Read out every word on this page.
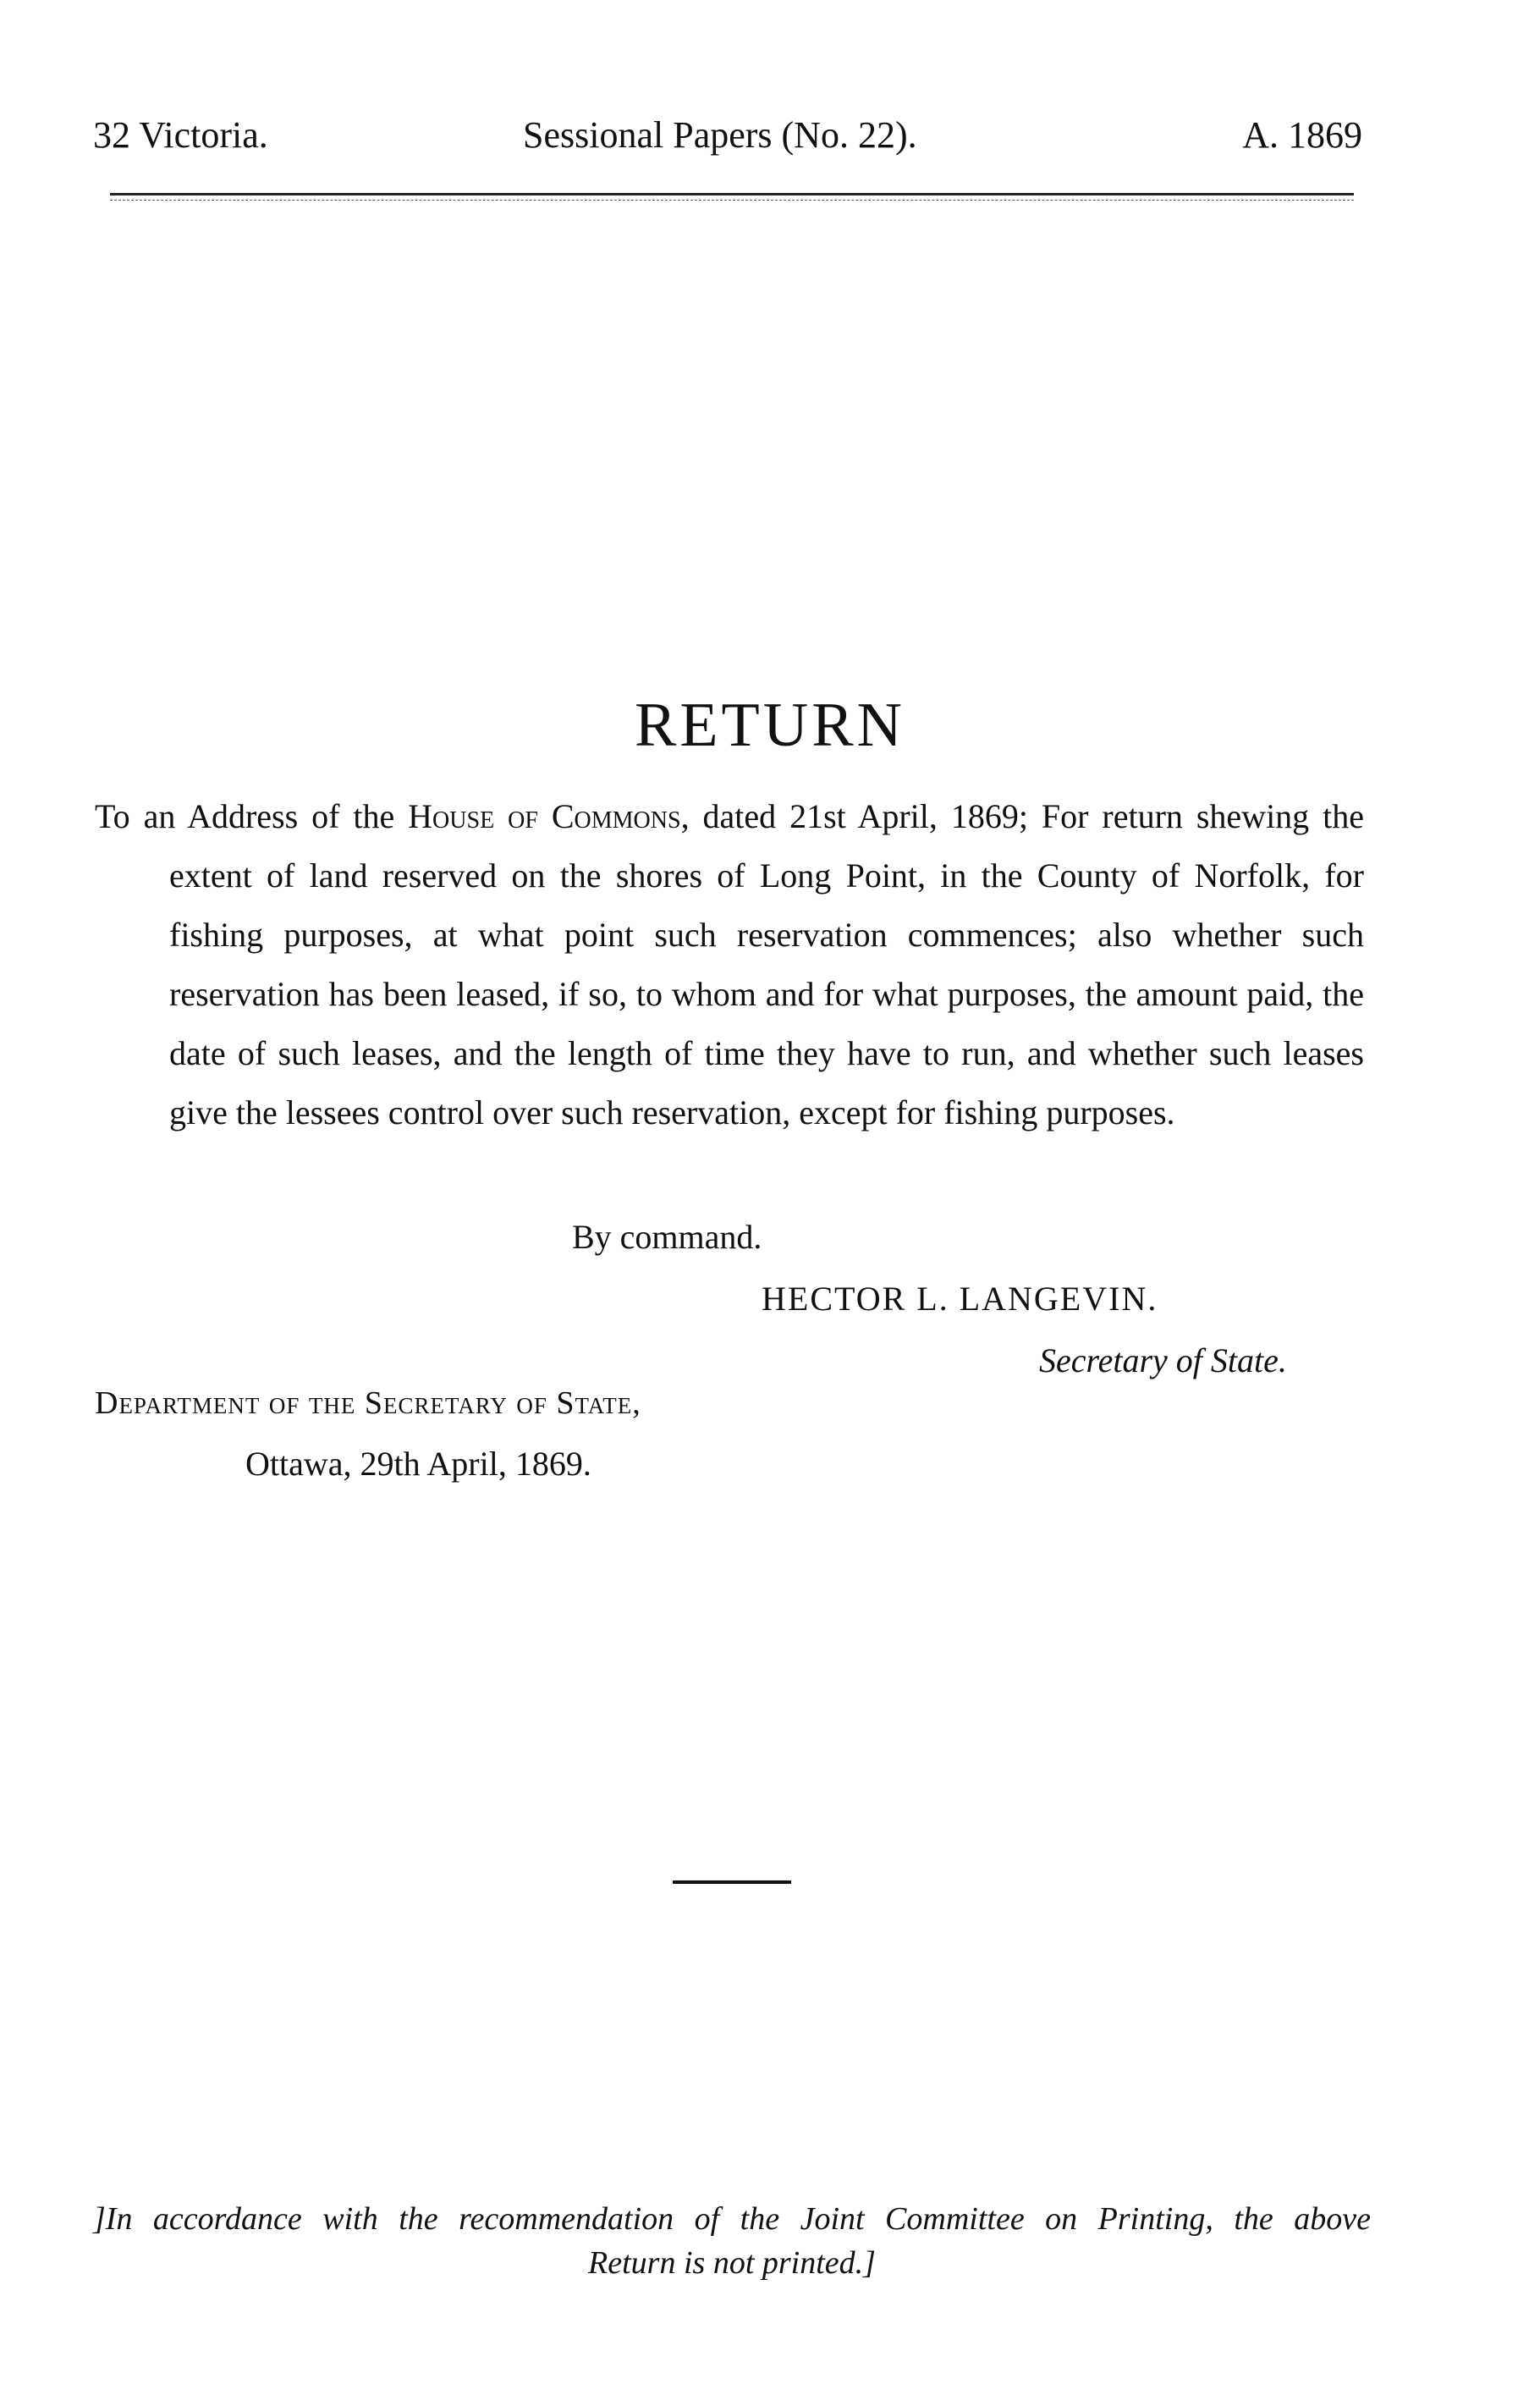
32 Victoria.	Sessional Papers (No. 22).	A. 1869
RETURN
To an Address of the House of Commons, dated 21st April, 1869; For return shewing the extent of land reserved on the shores of Long Point, in the County of Norfolk, for fishing purposes, at what point such reservation commences; also whether such reservation has been leased, if so, to whom and for what purposes, the amount paid, the date of such leases, and the length of time they have to run, and whether such leases give the lessees control over such reservation, except for fishing purposes.
By command.
HECTOR L. LANGEVIN.
Secretary of State.
Department of the Secretary of State,
Ottawa, 29th April, 1869.
]In accordance with the recommendation of the Joint Committee on Printing, the above
Return is not printed.]
